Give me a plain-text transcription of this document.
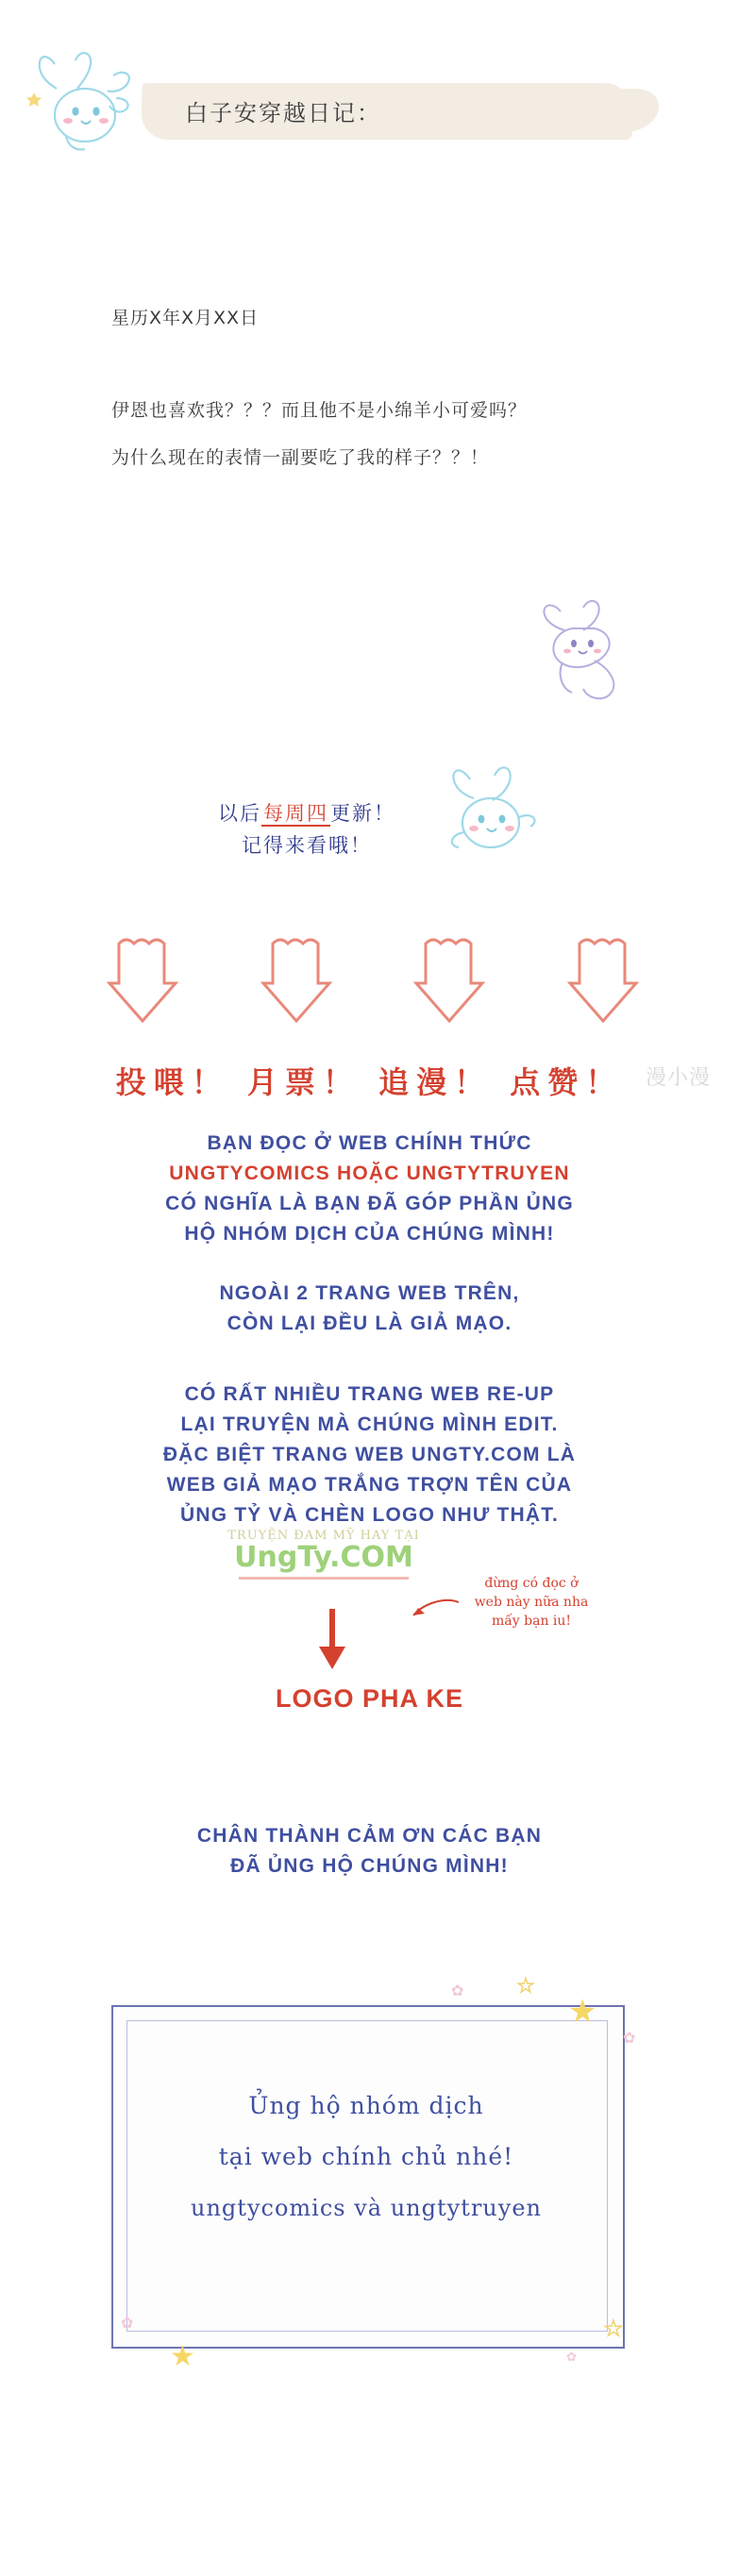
白子安穿越日记：
星历X年X月XX日
伊恩也喜欢我？？？而且他不是小绵羊小可爱吗？
为什么现在的表情一副要吃了我的样子？？！
以后每周四更新！
记得来看哦！
投喂！ 月票！ 追漫！ 点赞！	漫小漫
BẠN ĐỌC Ở WEB CHÍNH THỨC
UNGTYCOMICS HOẶC UNGTYTRUYEN
CÓ NGHĨA LÀ BẠN ĐÃ GÓP PHẦN ỦNG
HỘ NHÓM DỊCH CỦA CHÚNG MÌNH!
NGOÀI 2 TRANG WEB TRÊN,
CÒN LẠI ĐỀU LÀ GIẢ MẠO.
CÓ RẤT NHIỀU TRANG WEB RE-UP
LẠI TRUYỆN MÀ CHÚNG MÌNH EDIT.
ĐẶC BIỆT TRANG WEB UNGTY.COM LÀ
WEB GIẢ MẠO TRẮNG TRỢN TÊN CỦA
ỦNG TỶ VÀ CHÈN LOGO NHƯ THẬT.
TRUYỆN ĐAM MỸ HAY TẠI
UngTy.COM
đừng có đọc ở
web này nữa nha
mấy bạn iu!
LOGO PHA KE
CHÂN THÀNH CẢM ƠN CÁC BẠN
ĐÃ ỦNG HỘ CHÚNG MÌNH!
Ủng hộ nhóm dịch
tại web chính chủ nhé!
ungtycomics và ungtytruyen
★
★
★
★
✿
✿
✿
✿
